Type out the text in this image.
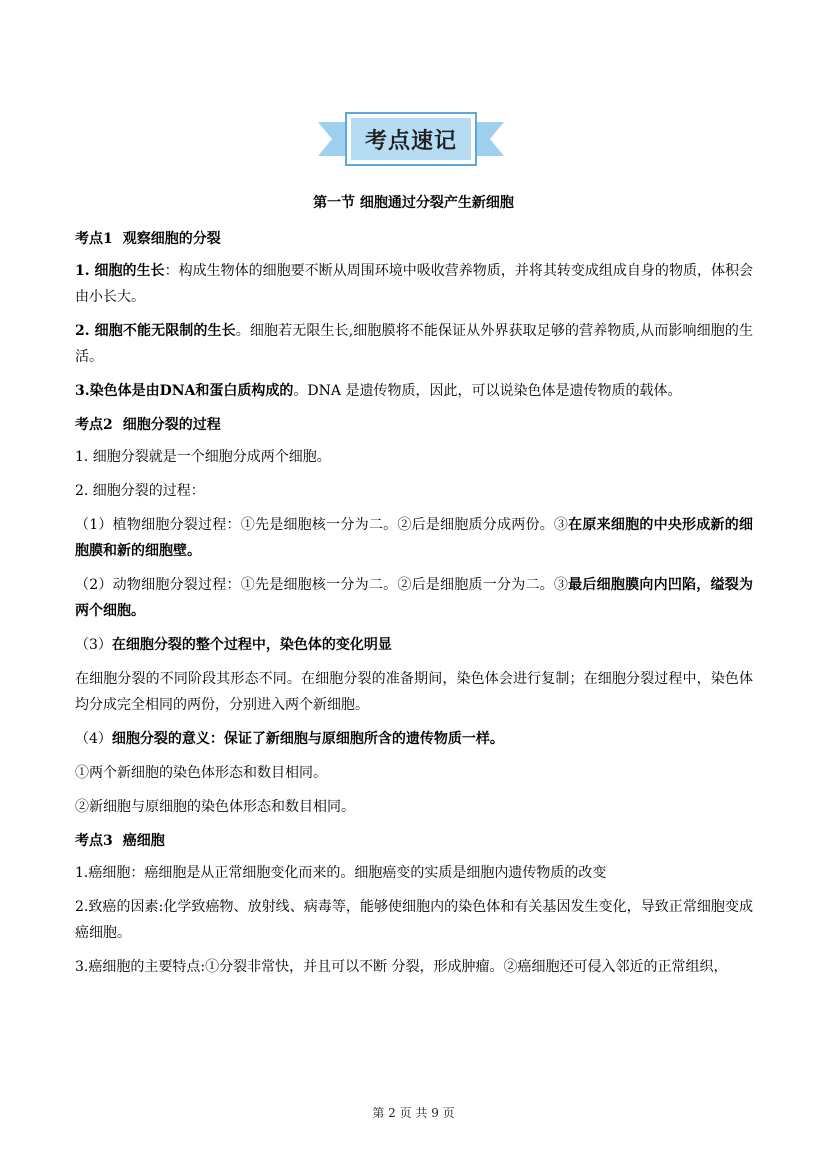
考点速记
第一节 细胞通过分裂产生新细胞
考点1 观察细胞的分裂

1. 细胞的生长：构成生物体的细胞要不断从周围环境中吸收营养物质，并将其转变成组成自身的物质，体积会由小长大。

2. 细胞不能无限制的生长。细胞若无限生长,细胞膜将不能保证从外界获取足够的营养物质,从而影响细胞的生活。

3.染色体是由DNA和蛋白质构成的。DNA 是遗传物质，因此，可以说染色体是遗传物质的载体。

考点2 细胞分裂的过程

1. 细胞分裂就是一个细胞分成两个细胞。

2. 细胞分裂的过程：

（1）植物细胞分裂过程：①先是细胞核一分为二。②后是细胞质分成两份。③在原来细胞的中央形成新的细胞膜和新的细胞壁。

（2）动物细胞分裂过程：①先是细胞核一分为二。②后是细胞质一分为二。③最后细胞膜向内凹陷，缢裂为两个细胞。

（3）在细胞分裂的整个过程中，染色体的变化明显

在细胞分裂的不同阶段其形态不同。在细胞分裂的准备期间，染色体会进行复制；在细胞分裂过程中，染色体均分成完全相同的两份，分别进入两个新细胞。

（4）细胞分裂的意义：保证了新细胞与原细胞所含的遗传物质一样。

①两个新细胞的染色体形态和数目相同。

②新细胞与原细胞的染色体形态和数目相同。

考点3 癌细胞

1.癌细胞：癌细胞是从正常细胞变化而来的。细胞癌变的实质是细胞内遗传物质的改变

2.致癌的因素:化学致癌物、放射线、病毒等，能够使细胞内的染色体和有关基因发生变化，导致正常细胞变成癌细胞。

3.癌细胞的主要特点:①分裂非常快，并且可以不断 分裂，形成肿瘤。②癌细胞还可侵入邻近的正常组织，

第 2 页 共 9 页
